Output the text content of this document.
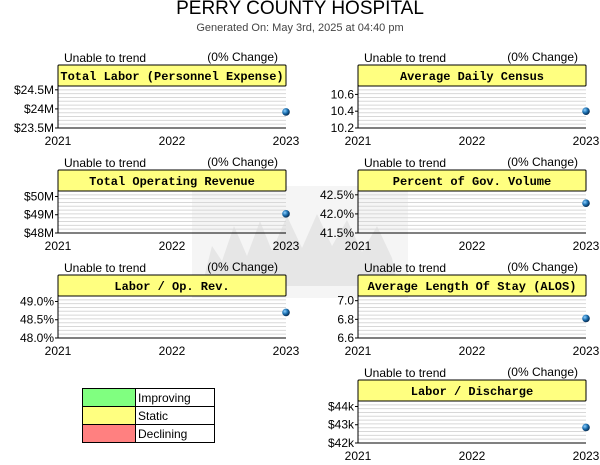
PERRY COUNTY HOSPITAL
Generated On: May 3rd, 2025 at 04:40 pm
	Improving
	Static
	Declining
$23.5M
$24M
$24.5M
2021	2022	2023
Unable to trend	(0% Change)
Total Labor (Personnel Expense)
10.2
10.4
10.6
2021	2022	2023
Unable to trend	(0% Change)
Average Daily Census
$48M
$49M
$50M
2021	2022	2023
Unable to trend	(0% Change)
Total Operating Revenue
41.5%
42.0%
42.5%
2021	2022	2023
Unable to trend	(0% Change)
Percent of Gov. Volume
48.0%
48.5%
49.0%
2021	2022	2023
Unable to trend	(0% Change)
Labor / Op. Rev.
6.6
6.8
7.0
2021	2022	2023
Unable to trend	(0% Change)
Average Length Of Stay (ALOS)
$42k
$43k
$44k
2021	2022	2023
Unable to trend	(0% Change)
Labor / Discharge
